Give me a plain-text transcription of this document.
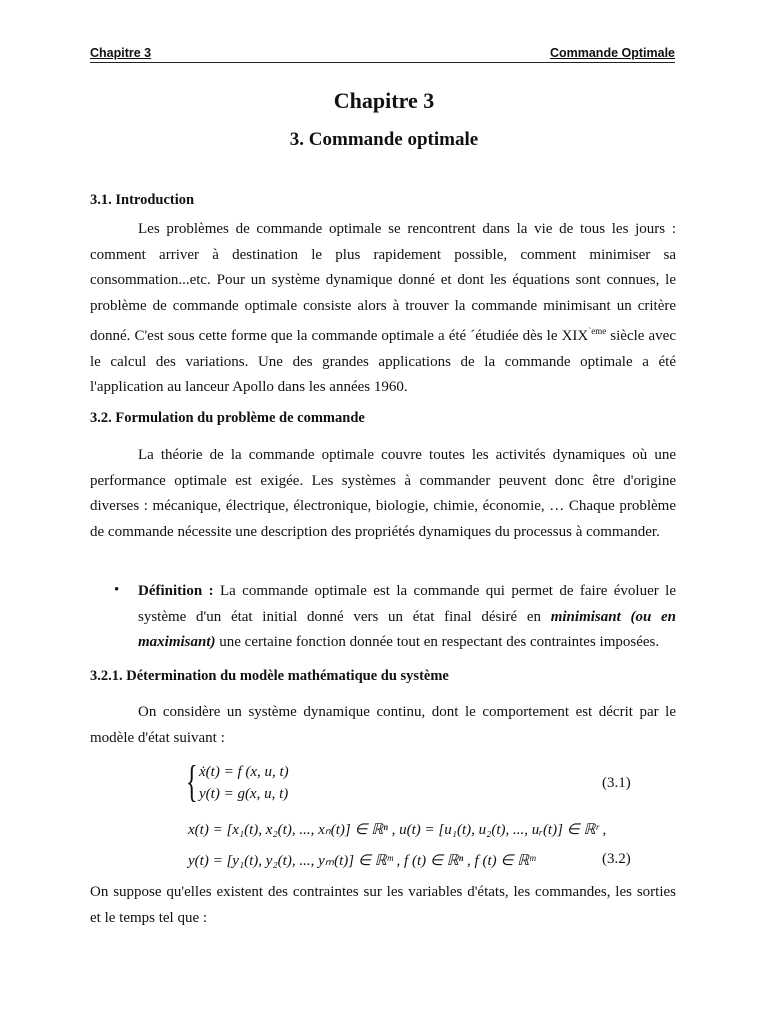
Chapitre 3	Commande Optimale
Chapitre 3
3. Commande optimale
3.1. Introduction
Les problèmes de commande optimale se rencontrent dans la vie de tous les jours : comment arriver à destination le plus rapidement possible, comment minimiser sa consommation...etc. Pour un système dynamique donné et dont les équations sont connues, le problème de commande optimale consiste alors à trouver la commande minimisant un critère donné. C'est sous cette forme que la commande optimale a été ´étudiée dès le $XIX^{`eme}$ siècle avec le calcul des variations. Une des grandes applications de la commande optimale a été l'application au lanceur Apollo dans les années 1960.
3.2. Formulation du problème de commande
La théorie de la commande optimale couvre toutes les activités dynamiques où une performance optimale est exigée. Les systèmes à commander peuvent donc être d'origine diverses : mécanique, électrique, électronique, biologie, chimie, économie, … Chaque problème de commande nécessite une description des propriétés dynamiques du processus à commander.
• Définition : La commande optimale est la commande qui permet de faire évoluer le système d'un état initial donné vers un état final désiré en minimisant (ou en maximisant) une certaine fonction donnée tout en respectant des contraintes imposées.
3.2.1. Détermination du modèle mathématique du système
On considère un système dynamique continu, dont le comportement est décrit par le modèle d'état suivant :
{ ẋ(t) = f (x, u, t)
y(t) = g(x, u, t)
(3.1)
x(t) = [x₁(t), x₂(t), ..., xₙ(t)] ∈ ℝⁿ , u(t) = [u₁(t), u₂(t), ..., uᵣ(t)] ∈ ℝʳ ,
y(t) = [y₁(t), y₂(t), ..., yₘ(t)] ∈ ℝᵐ , f (t) ∈ ℝⁿ , f (t) ∈ ℝᵐ	(3.2)
On suppose qu'elles existent des contraintes sur les variables d'états, les commandes, les sorties et le temps tel que :
